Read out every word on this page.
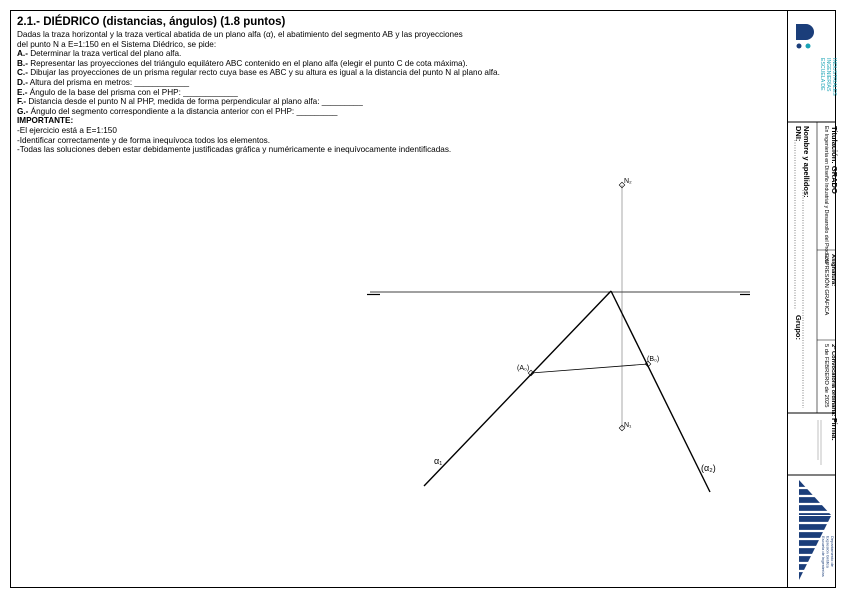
2.1.- DIÉDRICO (distancias, ángulos) (1.8 puntos)
Dadas la traza horizontal y la traza vertical abatida de un plano alfa (α), el abatimiento del segmento AB y las proyecciones
del punto N a E=1:150 en el Sistema Diédrico, se pide:
A.- Determinar la traza vertical del plano alfa.
B.- Representar las proyecciones del triángulo equilátero ABC contenido en el plano alfa (elegir el punto C de cota máxima).
C.- Dibujar las proyecciones de un prisma regular recto cuya base es ABC y su altura es igual a la distancia del punto N al plano alfa.
D.- Altura del prisma en metros: ____________
E.- Ángulo de la base del prisma con el PHP: ____________
F.- Distancia desde el punto N al PHP, medida de forma perpendicular al plano alfa: _________
G.- Ángulo del segmento correspondiente a la distancia anterior con el PHP: _________
IMPORTANTE:
-El ejercicio está a E=1:150
-Identificar correctamente y de forma inequívoca todos los elementos.
-Todas las soluciones deben estar debidamente justificadas gráfica y numéricamente e inequívocamente indentificadas.
N₂
N₁
(A₀)
(B₀)
α₁
(α₂)
ESCUELA DE INGENIERÍAS INDUSTRIALES
Titulación: GRADO
En Ingeniería en Diseño Industrial y Desarrollo del Producto
Nombre y apellidos:
DNI:
Grupo:
Asignatura:
EXPRESIÓN GRÁFICA
2ª Convocatoria ordinaria:
5 de FEBRERO de 2025
Firma:
Departamento de
Expresión Gráfica
Escuela de Ingenierías
